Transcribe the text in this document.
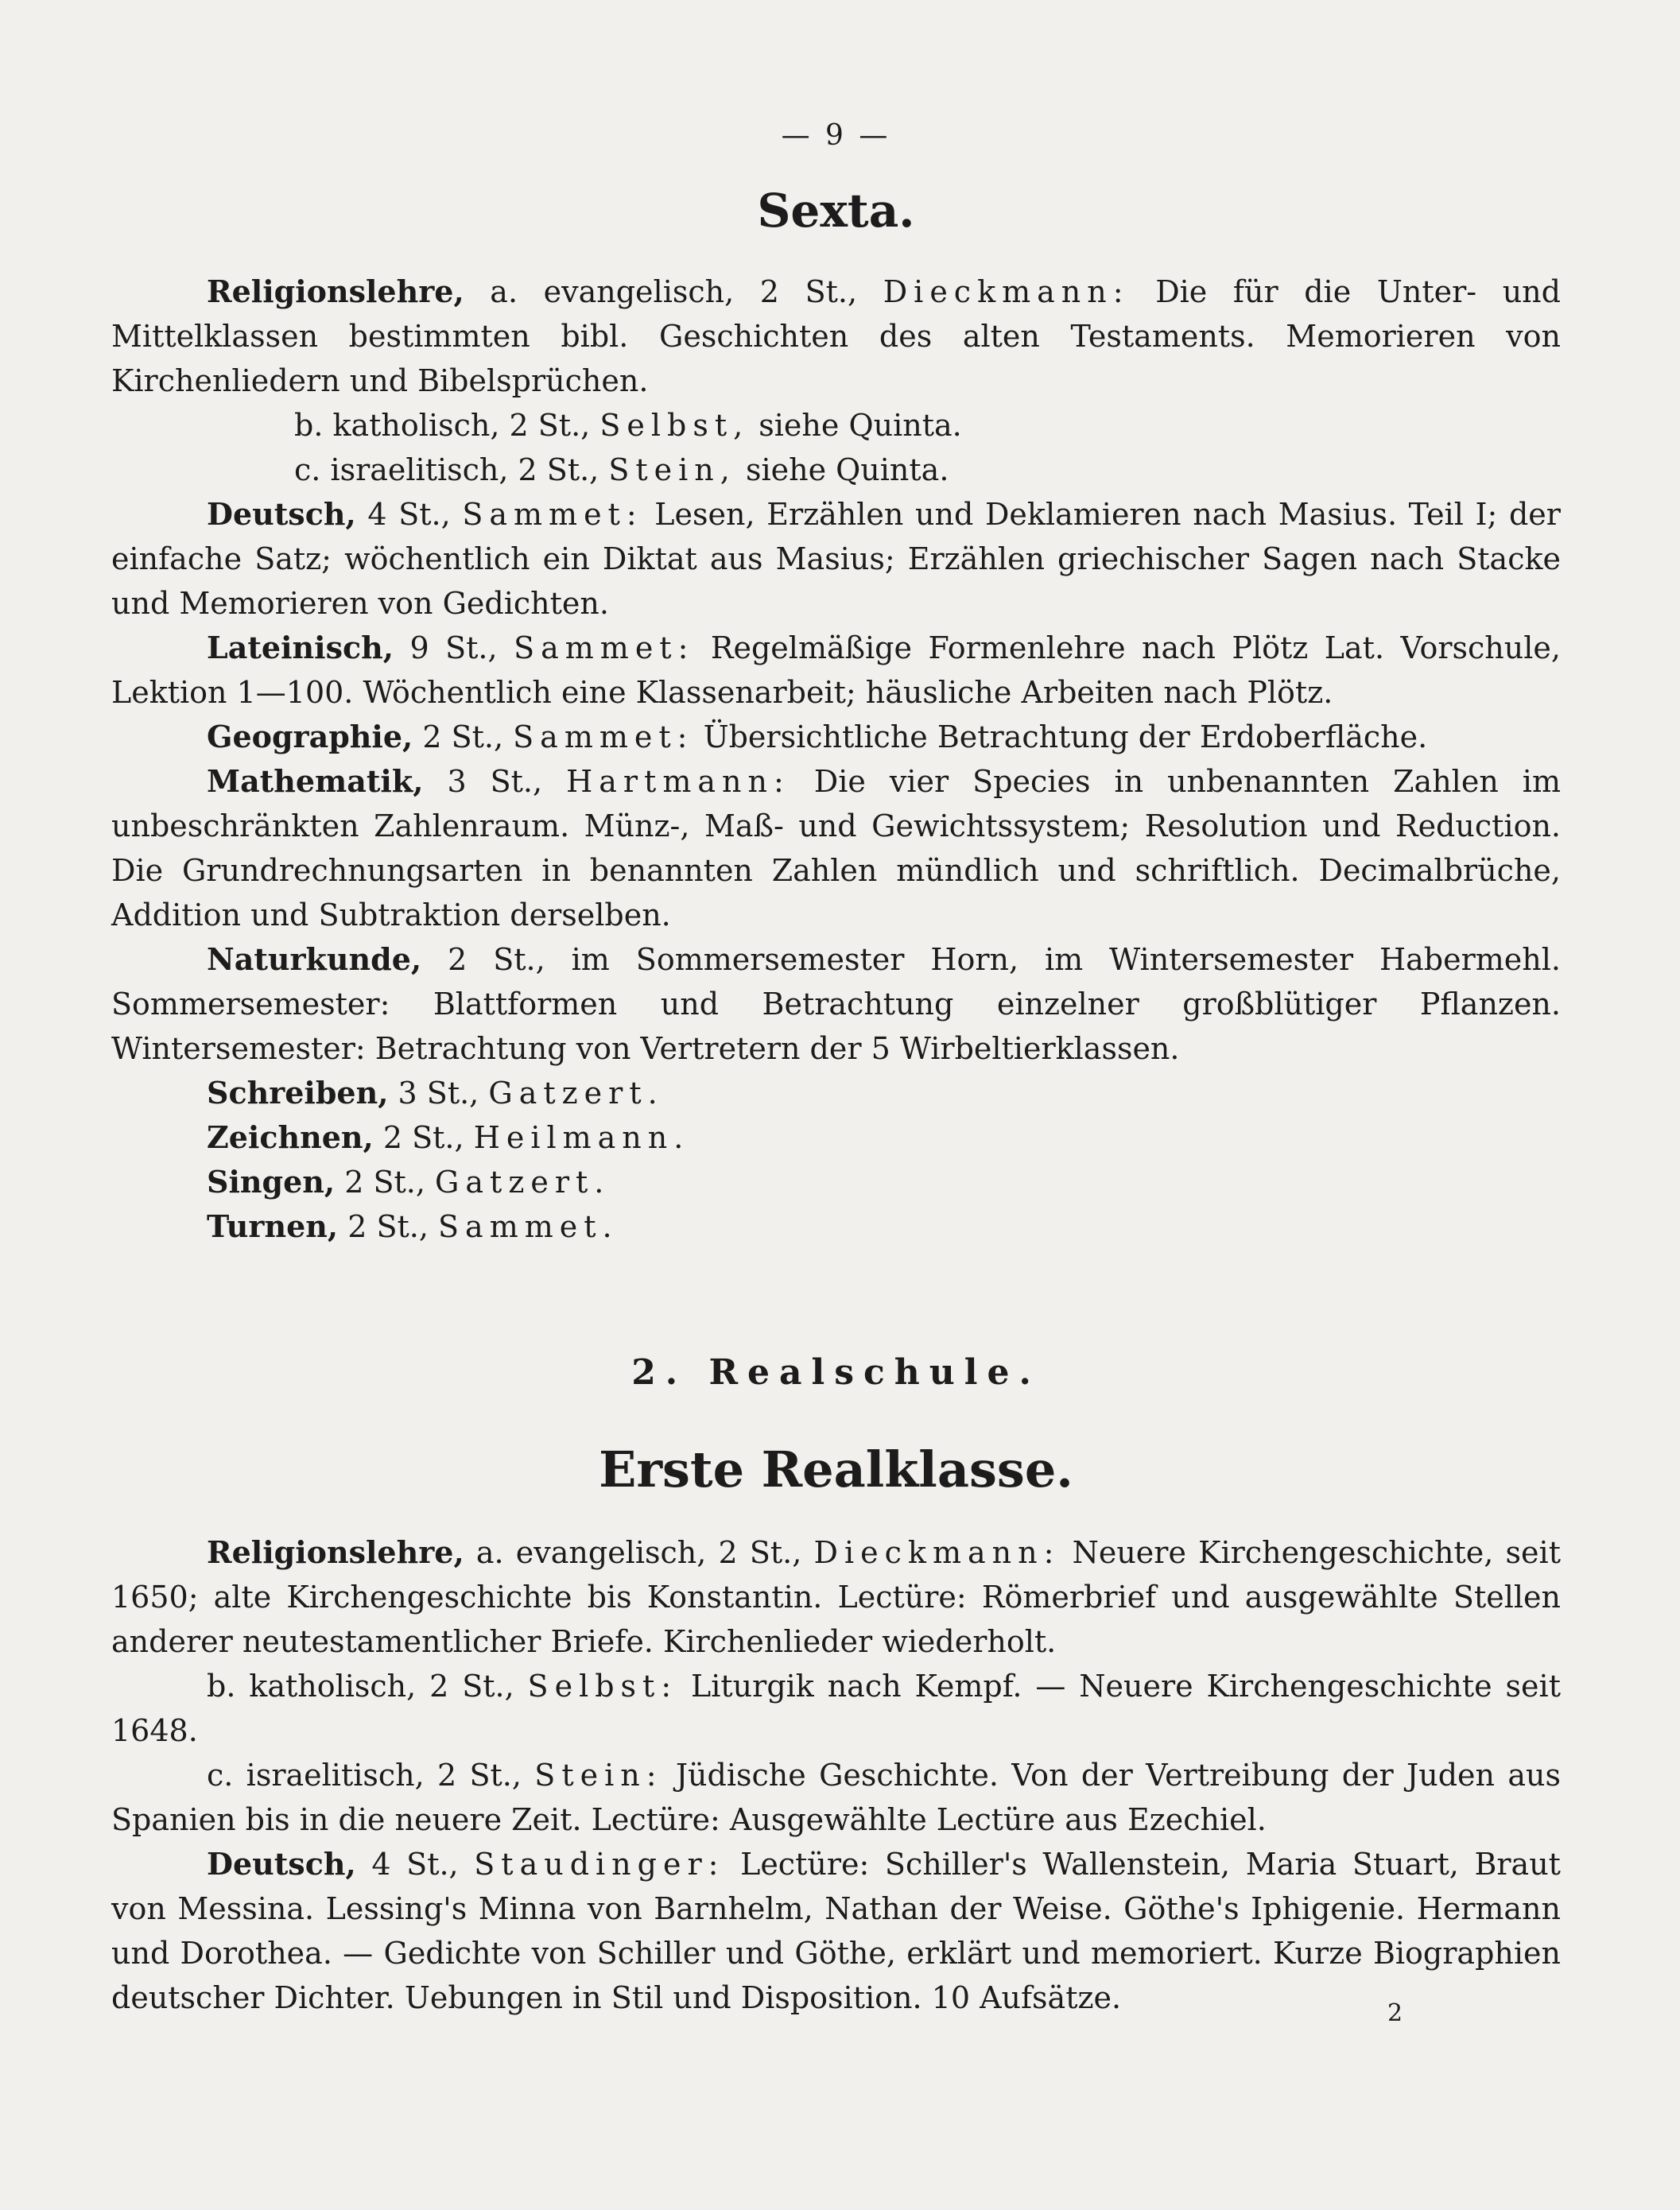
— 9 —
Sexta.

Religionslehre, a. evangelisch, 2 St., Dieckmann: Die für die Unter- und Mittelklassen bestimmten bibl. Geschichten des alten Testaments. Memorieren von Kirchenliedern und Bibelsprüchen.

b. katholisch, 2 St., Selbst, siehe Quinta.

c. israelitisch, 2 St., Stein, siehe Quinta.

Deutsch, 4 St., Sammet: Lesen, Erzählen und Deklamieren nach Masius. Teil I; der einfache Satz; wöchentlich ein Diktat aus Masius; Erzählen griechischer Sagen nach Stacke und Memorieren von Gedichten.

Lateinisch, 9 St., Sammet: Regelmäßige Formenlehre nach Plötz Lat. Vorschule, Lektion 1—100. Wöchentlich eine Klassenarbeit; häusliche Arbeiten nach Plötz.

Geographie, 2 St., Sammet: Übersichtliche Betrachtung der Erdoberfläche.

Mathematik, 3 St., Hartmann: Die vier Species in unbenannten Zahlen im unbeschränkten Zahlenraum. Münz-, Maß- und Gewichtssystem; Resolution und Reduction. Die Grundrechnungsarten in benannten Zahlen mündlich und schriftlich. Decimalbrüche, Addition und Subtraktion derselben.

Naturkunde, 2 St., im Sommersemester Horn, im Wintersemester Habermehl. Sommersemester: Blattformen und Betrachtung einzelner großblütiger Pflanzen. Wintersemester: Betrachtung von Vertretern der 5 Wirbeltierklassen.

Schreiben, 3 St., Gatzert.

Zeichnen, 2 St., Heilmann.

Singen, 2 St., Gatzert.

Turnen, 2 St., Sammet.

2. Realschule.
Erste Realklasse.

Religionslehre, a. evangelisch, 2 St., Dieckmann: Neuere Kirchengeschichte, seit 1650; alte Kirchengeschichte bis Konstantin. Lectüre: Römerbrief und ausgewählte Stellen anderer neutestamentlicher Briefe. Kirchenlieder wiederholt.

b. katholisch, 2 St., Selbst: Liturgik nach Kempf. — Neuere Kirchengeschichte seit 1648.

c. israelitisch, 2 St., Stein: Jüdische Geschichte. Von der Vertreibung der Juden aus Spanien bis in die neuere Zeit. Lectüre: Ausgewählte Lectüre aus Ezechiel.

Deutsch, 4 St., Staudinger: Lectüre: Schiller's Wallenstein, Maria Stuart, Braut von Messina. Lessing's Minna von Barnhelm, Nathan der Weise. Göthe's Iphigenie. Hermann und Dorothea. — Gedichte von Schiller und Göthe, erklärt und memoriert. Kurze Biographien deutscher Dichter. Uebungen in Stil und Disposition. 10 Aufsätze.	2
